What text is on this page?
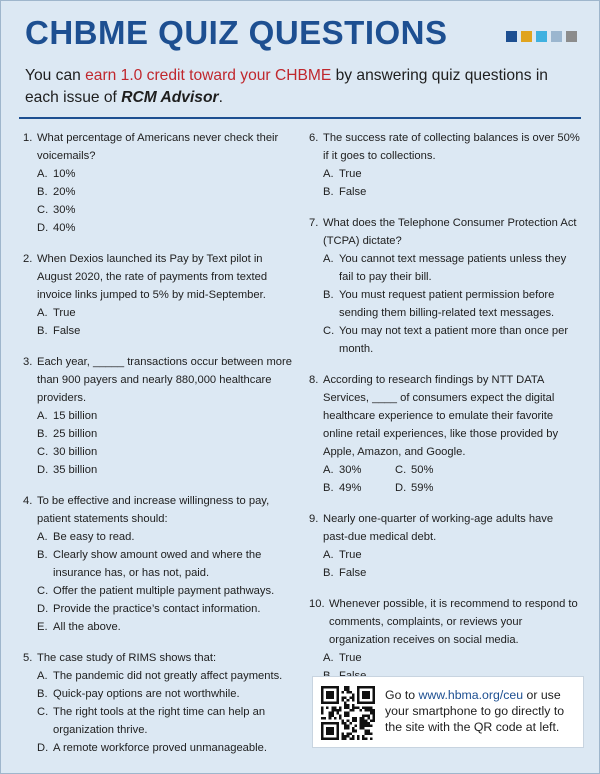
CHBME QUIZ QUESTIONS
You can earn 1.0 credit toward your CHBME by answering quiz questions in each issue of RCM Advisor.
1. What percentage of Americans never check their voicemails?
A. 10%
B. 20%
C. 30%
D. 40%
2. When Dexios launched its Pay by Text pilot in August 2020, the rate of payments from texted invoice links jumped to 5% by mid-September.
A. True
B. False
3. Each year, _____ transactions occur between more than 900 payers and nearly 880,000 healthcare providers.
A. 15 billion
B. 25 billion
C. 30 billion
D. 35 billion
4. To be effective and increase willingness to pay, patient statements should:
A. Be easy to read.
B. Clearly show amount owed and where the insurance has, or has not, paid.
C. Offer the patient multiple payment pathways.
D. Provide the practice’s contact information.
E. All the above.
5. The case study of RIMS shows that:
A. The pandemic did not greatly affect payments.
B. Quick-pay options are not worthwhile.
C. The right tools at the right time can help an organization thrive.
D. A remote workforce proved unmanageable.
6. The success rate of collecting balances is over 50% if it goes to collections.
A. True
B. False
7. What does the Telephone Consumer Protection Act (TCPA) dictate?
A. You cannot text message patients unless they fail to pay their bill.
B. You must request patient permission before sending them billing-related text messages.
C. You may not text a patient more than once per month.
8. According to research findings by NTT DATA Services, ____ of consumers expect the digital healthcare experience to emulate their favorite online retail experiences, like those provided by Apple, Amazon, and Google.
A. 30%	C. 50%
B. 49%	D. 59%
9. Nearly one-quarter of working-age adults have past-due medical debt.
A. True
B. False
10. Whenever possible, it is recommend to respond to comments, complaints, or reviews your organization receives on social media.
A. True
Go to www.hbma.org/ceu or use your smartphone to go directly to the site with the QR code at left.
